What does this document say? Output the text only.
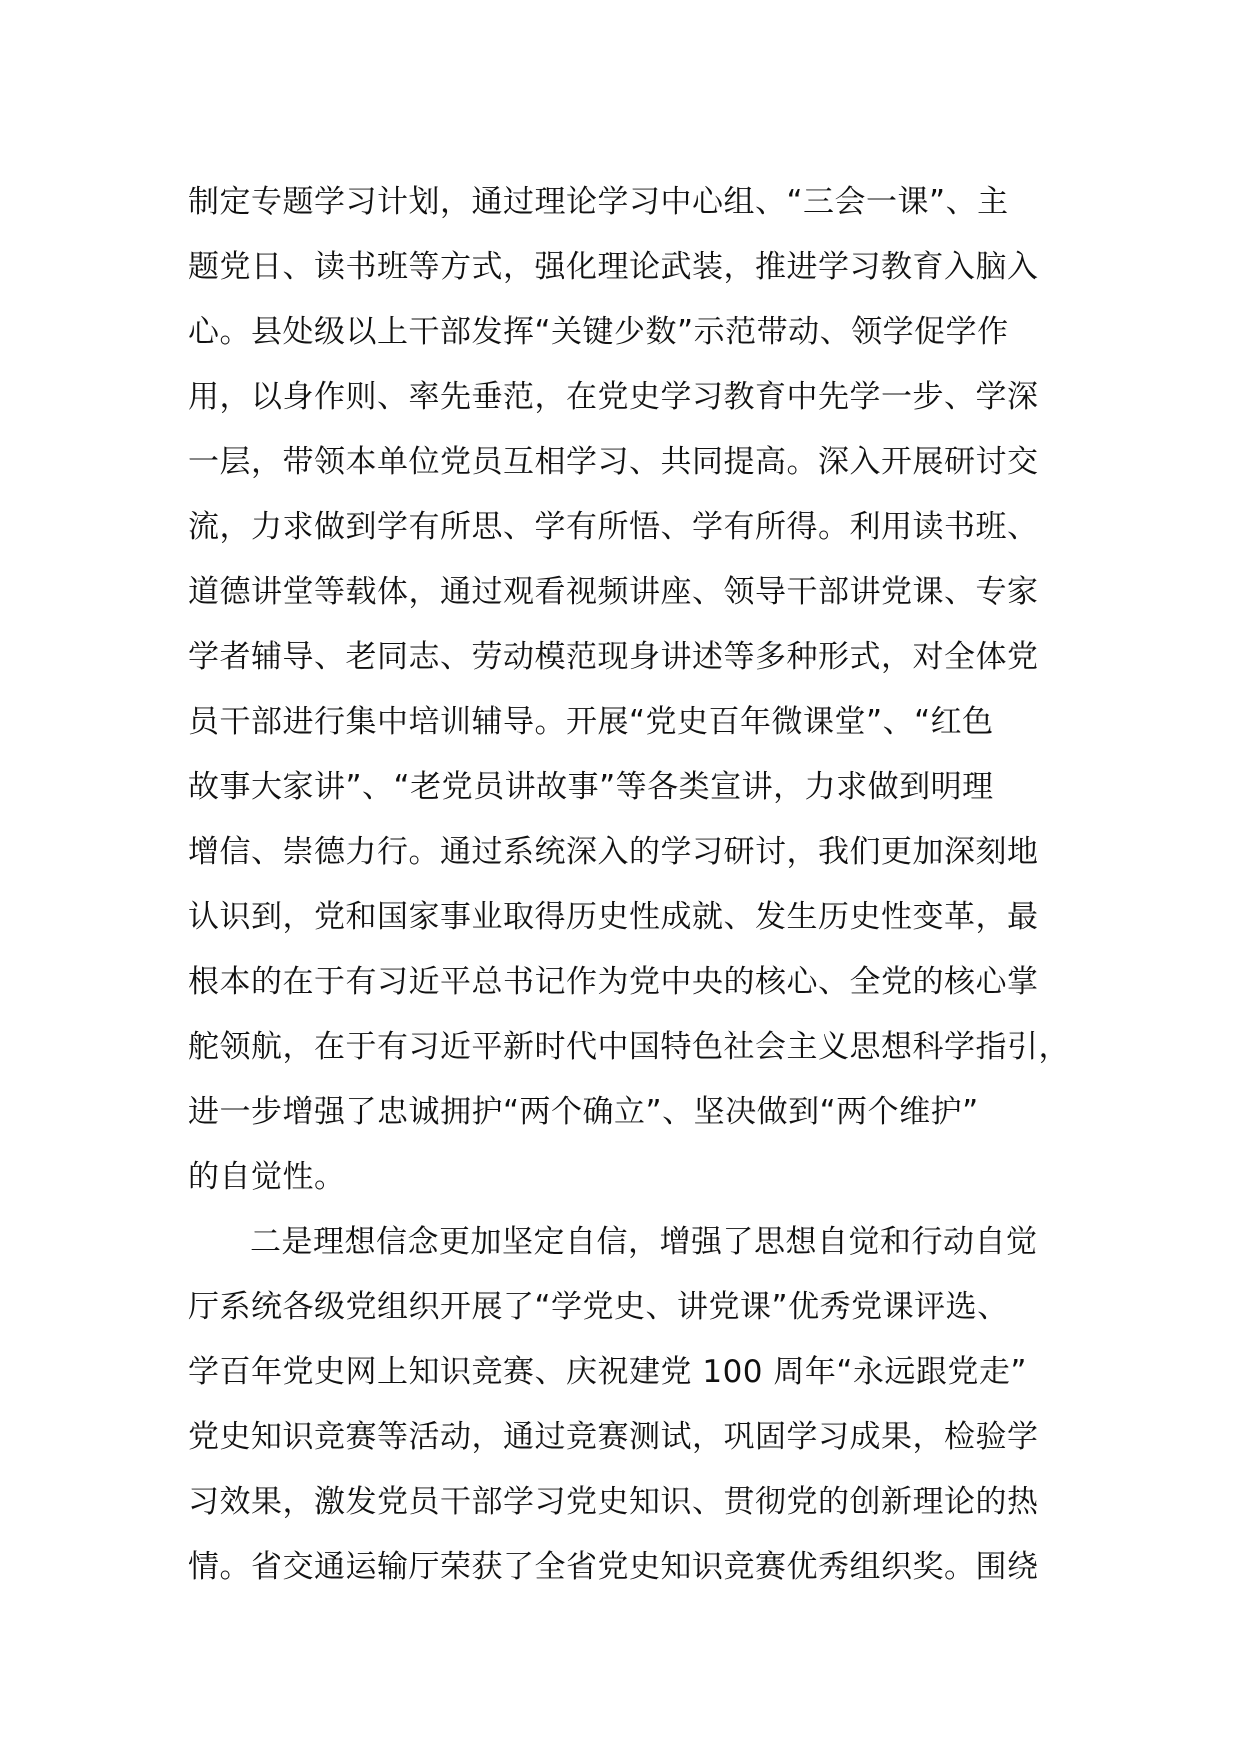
制定专题学习计划，通过理论学习中心组、“三会一课”、主
题党日、读书班等方式，强化理论武装，推进学习教育入脑入
心。县处级以上干部发挥“关键少数”示范带动、领学促学作
用，以身作则、率先垂范，在党史学习教育中先学一步、学深
一层，带领本单位党员互相学习、共同提高。深入开展研讨交
流，力求做到学有所思、学有所悟、学有所得。利用读书班、
道德讲堂等载体，通过观看视频讲座、领导干部讲党课、专家
学者辅导、老同志、劳动模范现身讲述等多种形式，对全体党
员干部进行集中培训辅导。开展“党史百年微课堂”、“红色
故事大家讲”、“老党员讲故事”等各类宣讲，力求做到明理
增信、崇德力行。通过系统深入的学习研讨，我们更加深刻地
认识到，党和国家事业取得历史性成就、发生历史性变革，最
根本的在于有习近平总书记作为党中央的核心、全党的核心掌
舵领航，在于有习近平新时代中国特色社会主义思想科学指引，
进一步增强了忠诚拥护“两个确立”、坚决做到“两个维护”
的自觉性。
二是理想信念更加坚定自信，增强了思想自觉和行动自觉
厅系统各级党组织开展了“学党史、讲党课”优秀党课评选、
学百年党史网上知识竞赛、庆祝建党 100 周年“永远跟党走”
党史知识竞赛等活动，通过竞赛测试，巩固学习成果，检验学
习效果，激发党员干部学习党史知识、贯彻党的创新理论的热
情。省交通运输厅荣获了全省党史知识竞赛优秀组织奖。围绕
